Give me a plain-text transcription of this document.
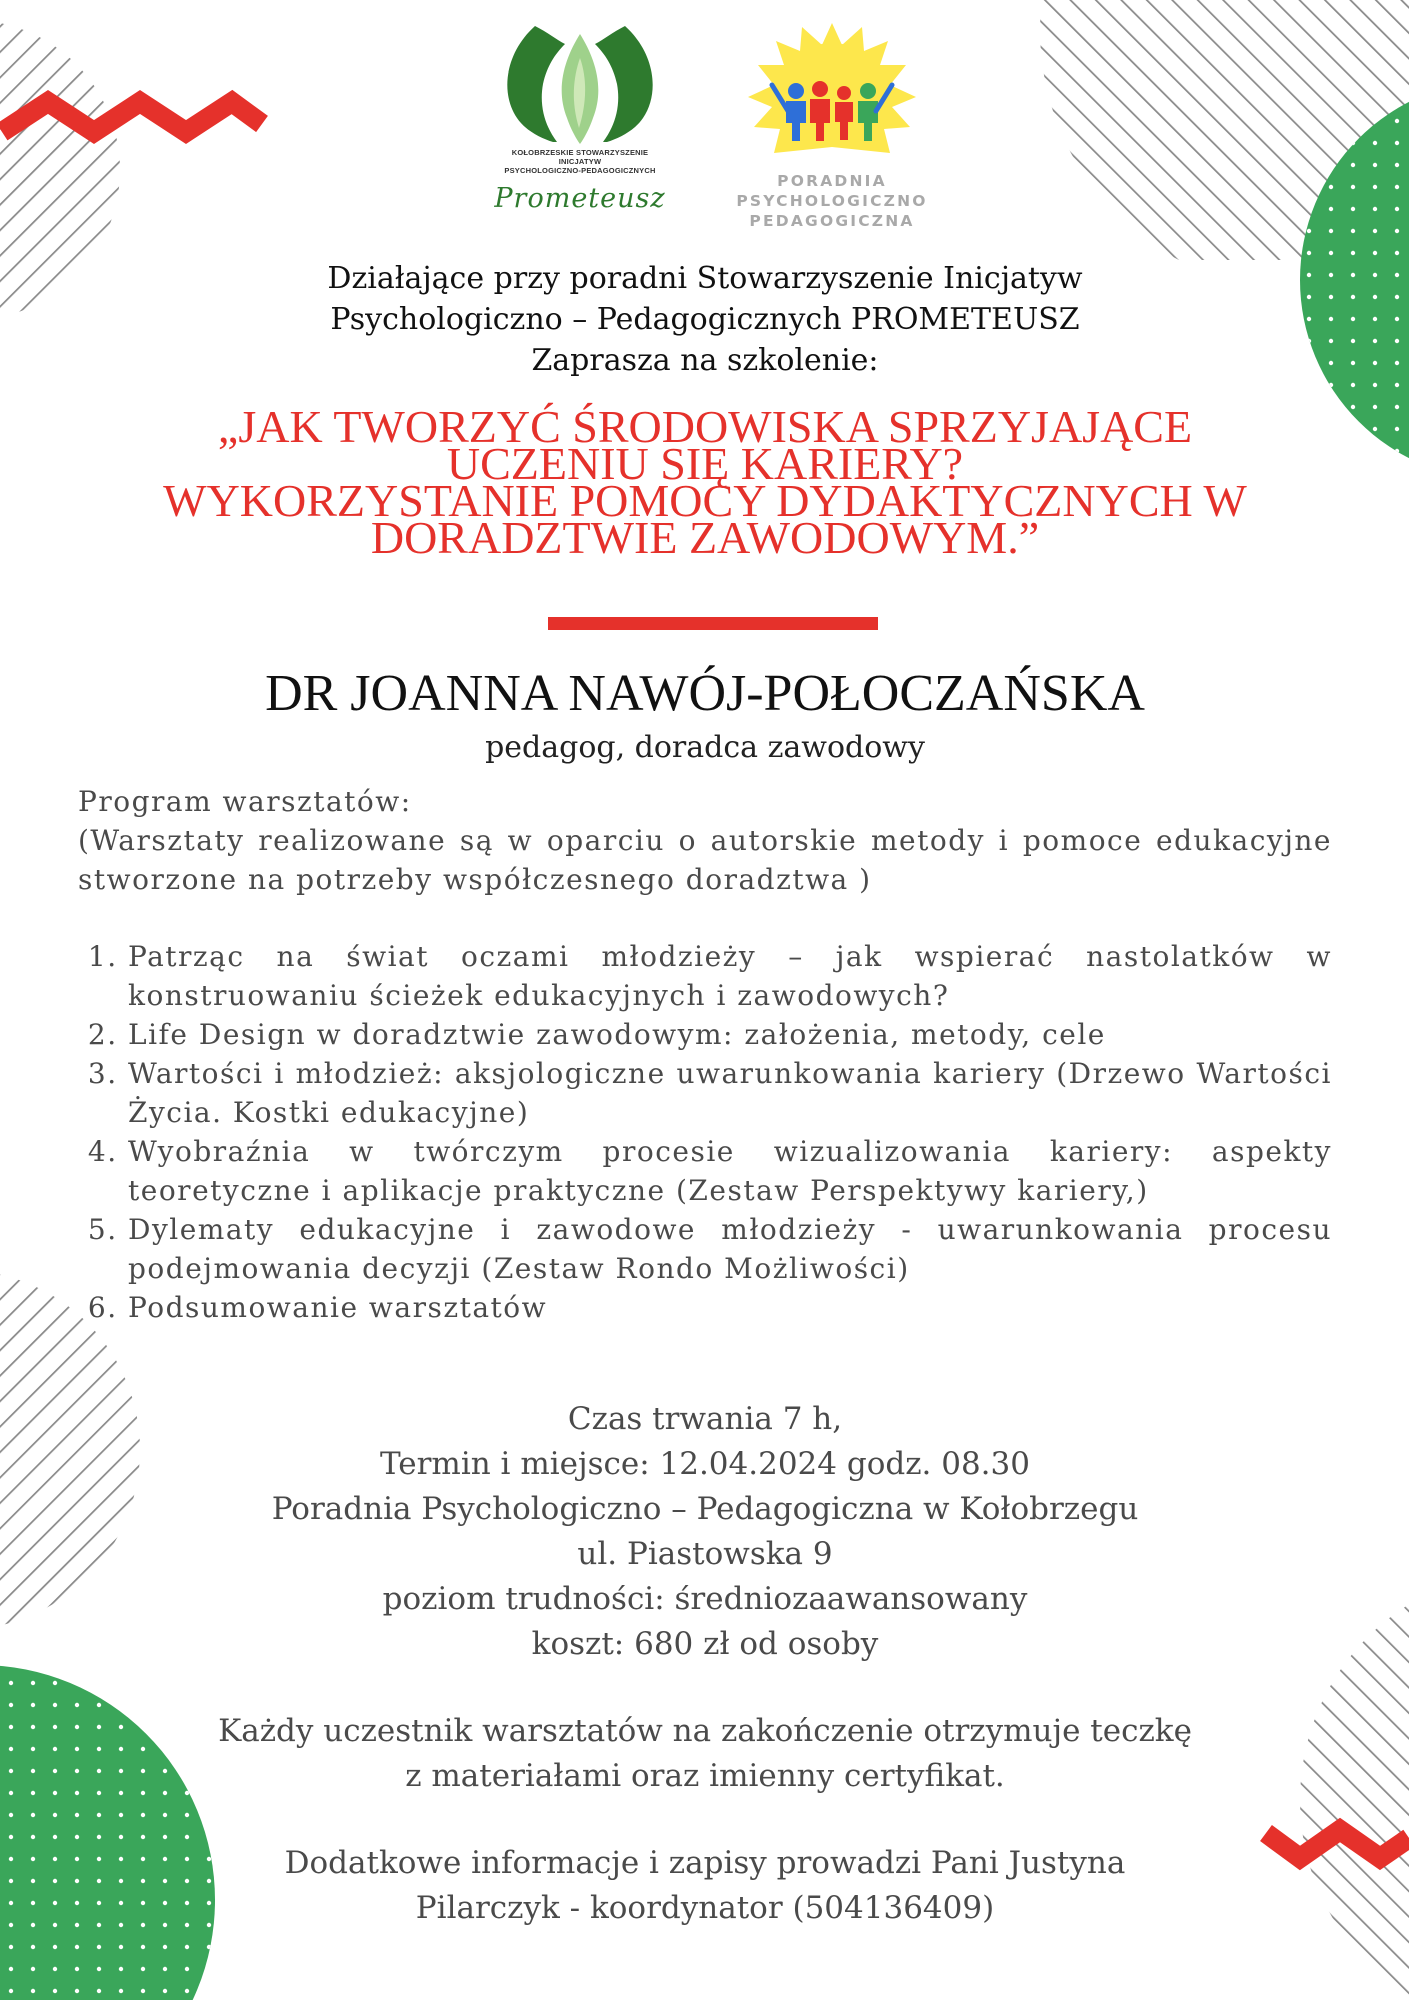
KOŁOBRZESKIE STOWARZYSZENIE
INICJATYW
PSYCHOLOGICZNO-PEDAGOGICZNYCH
Prometeusz
PORADNIA
PSYCHOLOGICZNO
PEDAGOGICZNA
Działające przy poradni Stowarzyszenie Inicjatyw
Psychologiczno – Pedagogicznych PROMETEUSZ
Zaprasza na szkolenie:
„JAK TWORZYĆ ŚRODOWISKA SPRZYJAJĄCE
UCZENIU SIĘ KARIERY?
WYKORZYSTANIE POMOCY DYDAKTYCZNYCH W
DORADZTWIE ZAWODOWYM.”
DR JOANNA NAWÓJ-POŁOCZAŃSKA
pedagog, doradca zawodowy
Program warsztatów:
(Warsztaty realizowane są w oparciu o autorskie metody i pomoce edukacyjne stworzone na potrzeby współczesnego doradztwa )
1. Patrząc na świat oczami młodzieży – jak wspierać nastolatków w konstruowaniu ścieżek edukacyjnych i zawodowych?
2. Life Design w doradztwie zawodowym: założenia, metody, cele
3. Wartości i młodzież: aksjologiczne uwarunkowania kariery (Drzewo Wartości Życia. Kostki edukacyjne)
4. Wyobraźnia w twórczym procesie wizualizowania kariery: aspekty teoretyczne i aplikacje praktyczne (Zestaw Perspektywy kariery,)
5. Dylematy edukacyjne i zawodowe młodzieży - uwarunkowania procesu podejmowania decyzji (Zestaw Rondo Możliwości)
6. Podsumowanie warsztatów
Czas trwania 7 h,
Termin i miejsce: 12.04.2024 godz. 08.30
Poradnia Psychologiczno – Pedagogiczna w Kołobrzegu
ul. Piastowska 9
poziom trudności: średniozaawansowany
koszt: 680 zł od osoby
Każdy uczestnik warsztatów na zakończenie otrzymuje teczkę
z materiałami oraz imienny certyfikat.
Dodatkowe informacje i zapisy prowadzi Pani Justyna
Pilarczyk - koordynator (504136409)
